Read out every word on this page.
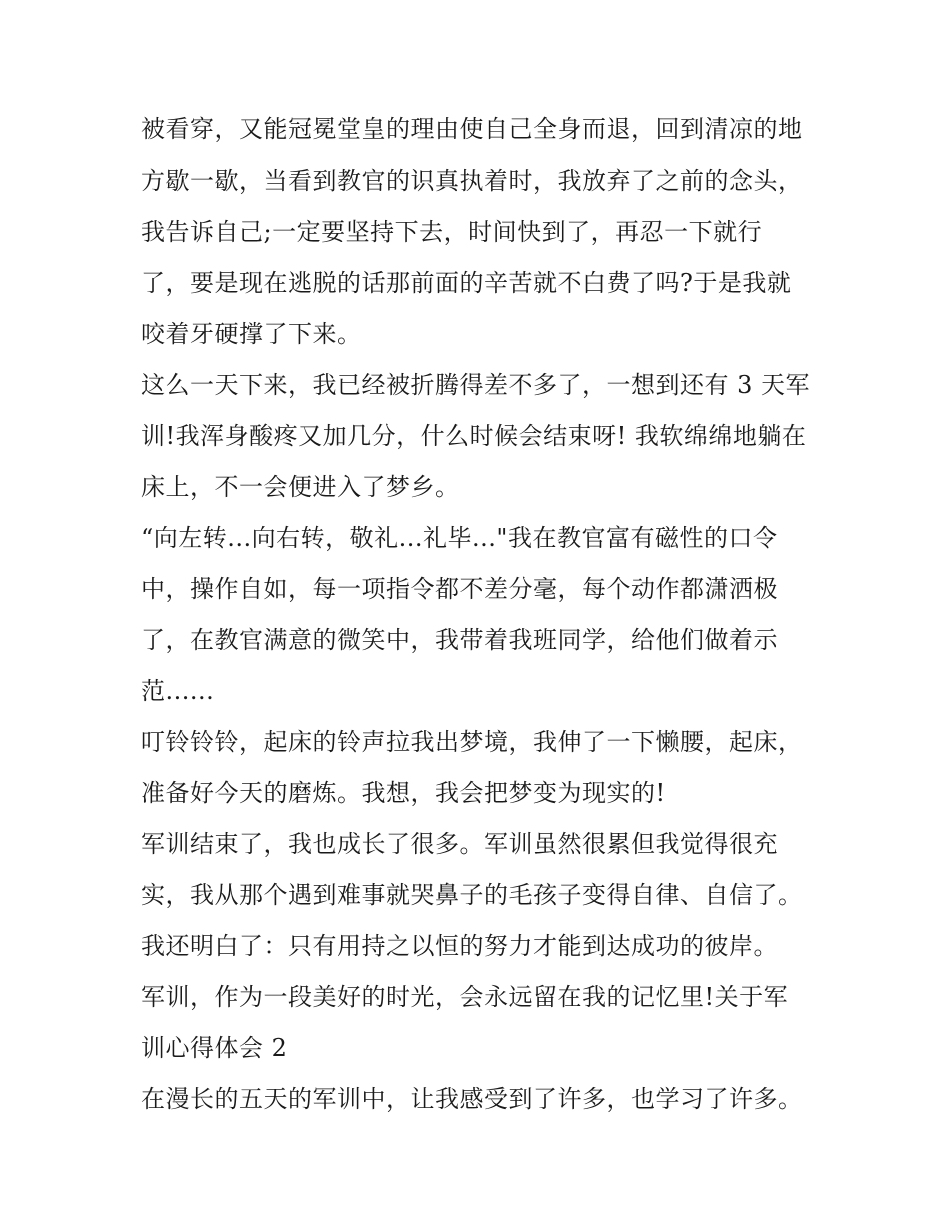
被看穿，又能冠冕堂皇的理由使自己全身而退，回到清凉的地
方歇一歇，当看到教官的识真执着时，我放弃了之前的念头，
我告诉自己;一定要坚持下去，时间快到了，再忍一下就行
了，要是现在逃脱的话那前面的辛苦就不白费了吗?于是我就
咬着牙硬撑了下来。
这么一天下来，我已经被折腾得差不多了，一想到还有 3 天军
训!我浑身酸疼又加几分，什么时候会结束呀! 我软绵绵地躺在
床上，不一会便进入了梦乡。
“向左转...向右转，敬礼...礼毕..."我在教官富有磁性的口令
中，操作自如，每一项指令都不差分毫，每个动作都潇洒极
了，在教官满意的微笑中，我带着我班同学，给他们做着示
范......
叮铃铃铃，起床的铃声拉我出梦境，我伸了一下懒腰，起床，
准备好今天的磨炼。我想，我会把梦变为现实的!
军训结束了，我也成长了很多。军训虽然很累但我觉得很充
实，我从那个遇到难事就哭鼻子的毛孩子变得自律、自信了。
我还明白了：只有用持之以恒的努力才能到达成功的彼岸。
军训，作为一段美好的时光，会永远留在我的记忆里!关于军
训心得体会 2
在漫长的五天的军训中，让我感受到了许多，也学习了许多。
